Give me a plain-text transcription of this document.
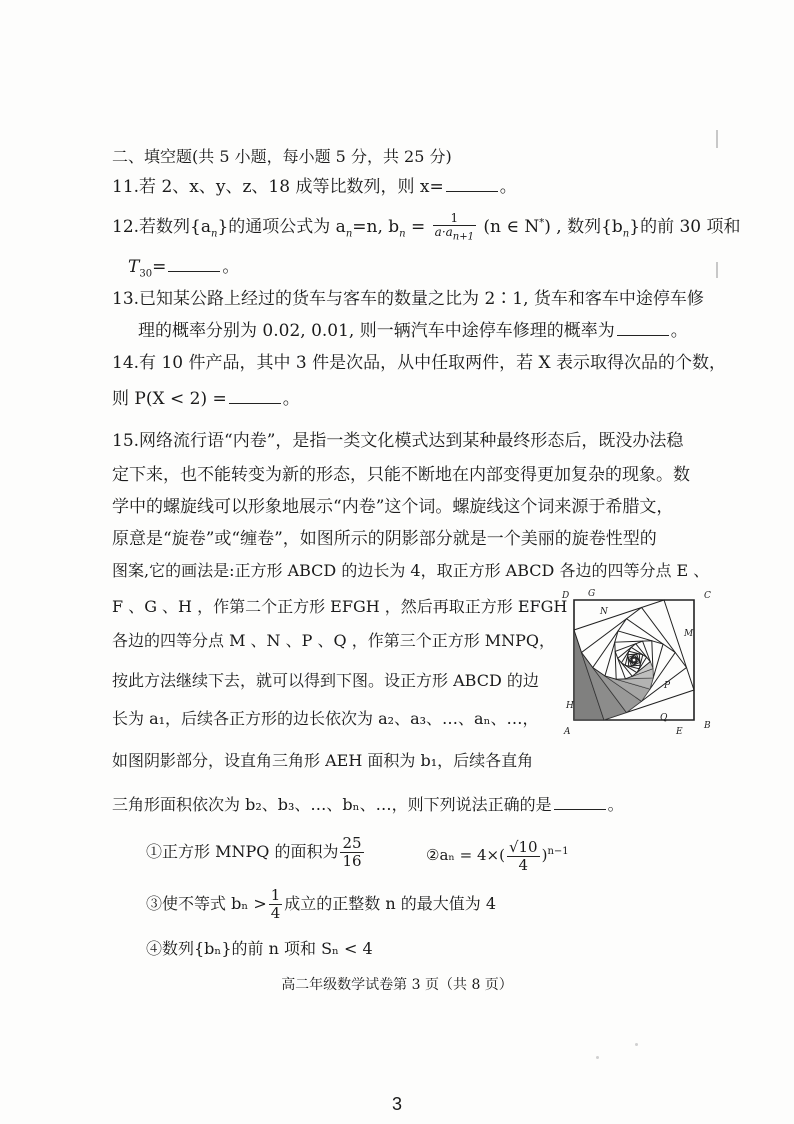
二、填空题(共 5 小题，每小题 5 分，共 25 分)
11.若 2、x、y、z、18 成等比数列，则 x=	。
12.若数列$\{a_n\}$的通项公式为 $a_n=n$, $b_n = \frac{1}{a\cdot a_{n+1}} (n$ ∈ N*) , 数列$\{b_n\}$的前 30 项和
$T_{30}=$	。
13.已知某公路上经过的货车与客车的数量之比为 2∶1, 货车和客车中途停车修
理的概率分别为 0.02, 0.01, 则一辆汽车中途停车修理的概率为	。
14.有 10 件产品，其中 3 件是次品，从中任取两件，若 X 表示取得次品的个数，
则 P(X < 2) =	。
15.网络流行语“内卷”，是指一类文化模式达到某种最终形态后，既没办法稳
定下来，也不能转变为新的形态，只能不断地在内部变得更加复杂的现象。数
学中的螺旋线可以形象地展示“内卷”这个词。螺旋线这个词来源于希腊文，
原意是“旋卷”或“缠卷”，如图所示的阴影部分就是一个美丽的旋卷性型的
图案,它的画法是:正方形 ABCD 的边长为 4，取正方形 ABCD 各边的四等分点 E 、
F 、G 、H ，作第二个正方形 EFGH ，然后再取正方形 EFGH
各边的四等分点 M 、N 、P 、Q ，作第三个正方形 MNPQ，
按此方法继续下去，就可以得到下图。设正方形 ABCD 的边
长为 a₁，后续各正方形的边长依次为 a₂、a₃、…、aₙ、…，
如图阴影部分，设直角三角形 AEH 面积为 b₁，后续各直角
三角形面积依次为 b₂、b₃、…、bₙ、…，则下列说法正确的是	。
①正方形 MNPQ 的面积为 $\frac{25}{16}$	②aₙ = $4\times( \frac{√10}{4} )^{n-1}$
③使不等式 $b_n > \frac{1}{4}$ 成立的正整数 n 的最大值为 4
④数列{bₙ}的前 n 项和 Sₙ < 4
D G	C
N
M
H
P
Q
A	E
B
高二年级数学试卷第 3 页（共 8 页）
3
